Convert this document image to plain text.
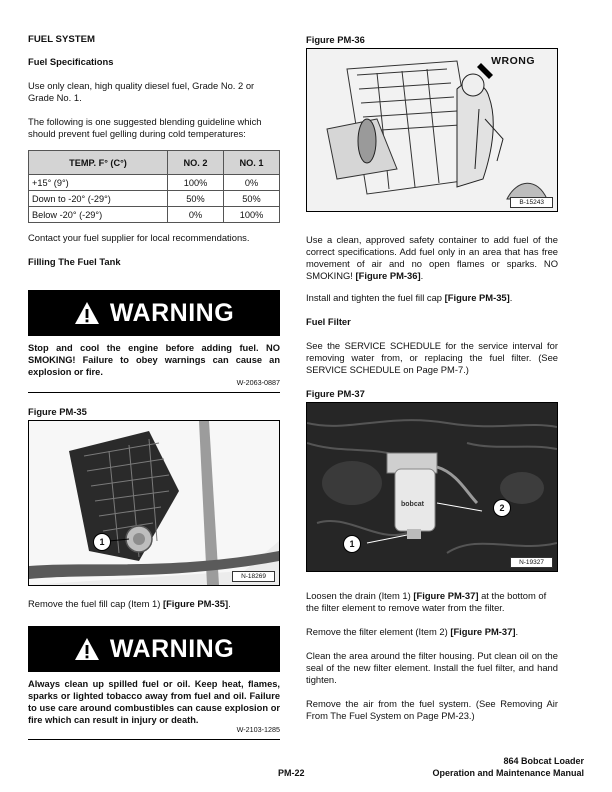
FUEL SYSTEM

Fuel Specifications

Use only clean, high quality diesel fuel, Grade No. 2 or Grade No. 1.

The following is one suggested blending guideline which should prevent fuel gelling during cold temperatures:

TEMP. F° (C°)	NO. 2	NO. 1
+15° (9°)	100%	0%
Down to -20° (-29°)	50%	50%
Below -20° (-29°)	0%	100%

Contact your fuel supplier for local recommendations.

Filling The Fuel Tank

WARNING

Stop and cool the engine before adding fuel. NO SMOKING! Failure to obey warnings can cause an explosion or fire.

W-2063-0887

Figure PM-35

1
N-18269

Remove the fuel fill cap (Item 1) [Figure PM-35].

WARNING

Always clean up spilled fuel or oil. Keep heat, flames, sparks or lighted tobacco away from fuel and oil. Failure to use care around combustibles can cause explosion or fire which can result in injury or death.

W-2103-1285

Figure PM-36

WRONG
B-15243

Use a clean, approved safety container to add fuel of the correct specifications. Add fuel only in an area that has free movement of air and no open flames or sparks. NO SMOKING! [Figure PM-36].

Install and tighten the fuel fill cap [Figure PM-35].

Fuel Filter

See the SERVICE SCHEDULE for the service interval for removing water from, or replacing the fuel filter. (See SERVICE SCHEDULE on Page PM-7.)

Figure PM-37

bobcat
1
2
N-19327

Loosen the drain (Item 1) [Figure PM-37] at the bottom of the filter element to remove water from the filter.

Remove the filter element (Item 2) [Figure PM-37].

Clean the area around the filter housing. Put clean oil on the seal of the new filter element. Install the fuel filter, and hand tighten.

Remove the air from the fuel system. (See Removing Air From The Fuel System on Page PM-23.)

PM-22
864 Bobcat Loader
Operation and Maintenance Manual
